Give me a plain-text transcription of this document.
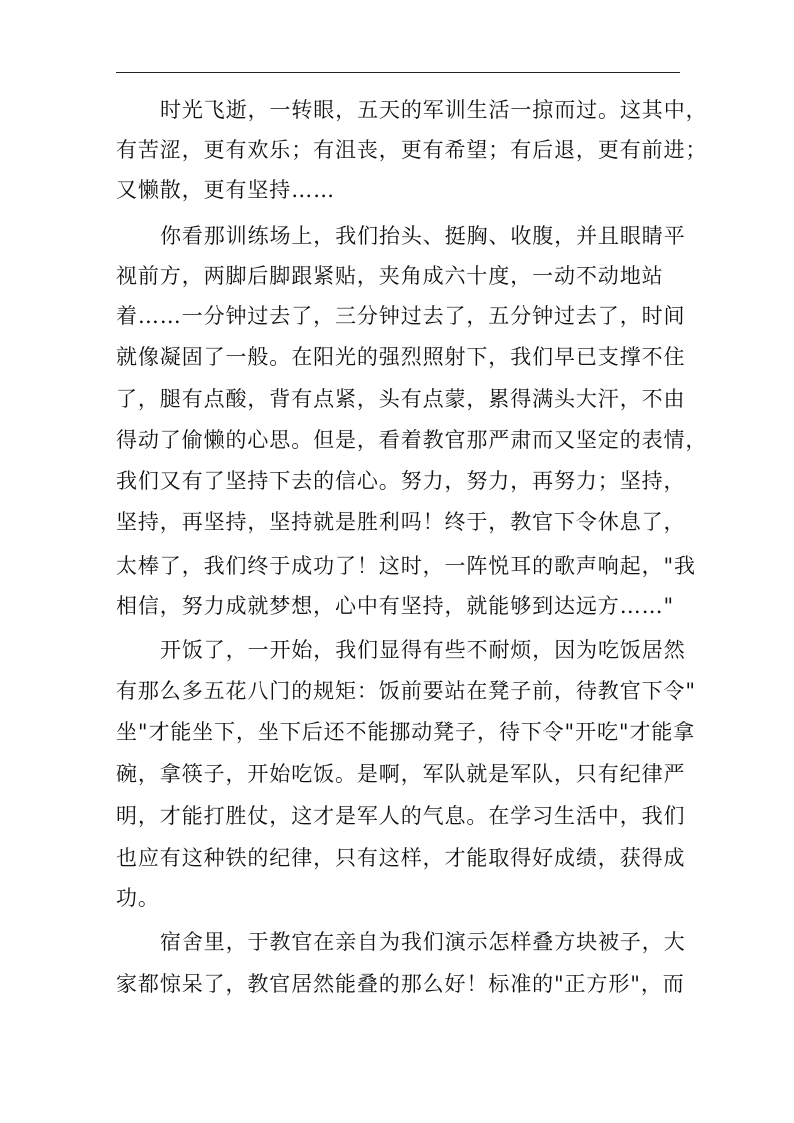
时光飞逝，一转眼，五天的军训生活一掠而过。这其中，
有苦涩，更有欢乐；有沮丧，更有希望；有后退，更有前进；
又懒散，更有坚持……
你看那训练场上，我们抬头、挺胸、收腹，并且眼睛平
视前方，两脚后脚跟紧贴，夹角成六十度，一动不动地站
着……一分钟过去了，三分钟过去了，五分钟过去了，时间
就像凝固了一般。在阳光的强烈照射下，我们早已支撑不住
了，腿有点酸，背有点紧，头有点蒙，累得满头大汗，不由
得动了偷懒的心思。但是，看着教官那严肃而又坚定的表情，
我们又有了坚持下去的信心。努力，努力，再努力；坚持，
坚持，再坚持，坚持就是胜利吗！终于，教官下令休息了，
太棒了，我们终于成功了！这时，一阵悦耳的歌声响起，"我
相信，努力成就梦想，心中有坚持，就能够到达远方……"
开饭了，一开始，我们显得有些不耐烦，因为吃饭居然
有那么多五花八门的规矩：饭前要站在凳子前，待教官下令"
坐"才能坐下，坐下后还不能挪动凳子，待下令"开吃"才能拿
碗，拿筷子，开始吃饭。是啊，军队就是军队，只有纪律严
明，才能打胜仗，这才是军人的气息。在学习生活中，我们
也应有这种铁的纪律，只有这样，才能取得好成绩，获得成
功。
宿舍里，于教官在亲自为我们演示怎样叠方块被子，大
家都惊呆了，教官居然能叠的那么好！标准的"正方形"，而
